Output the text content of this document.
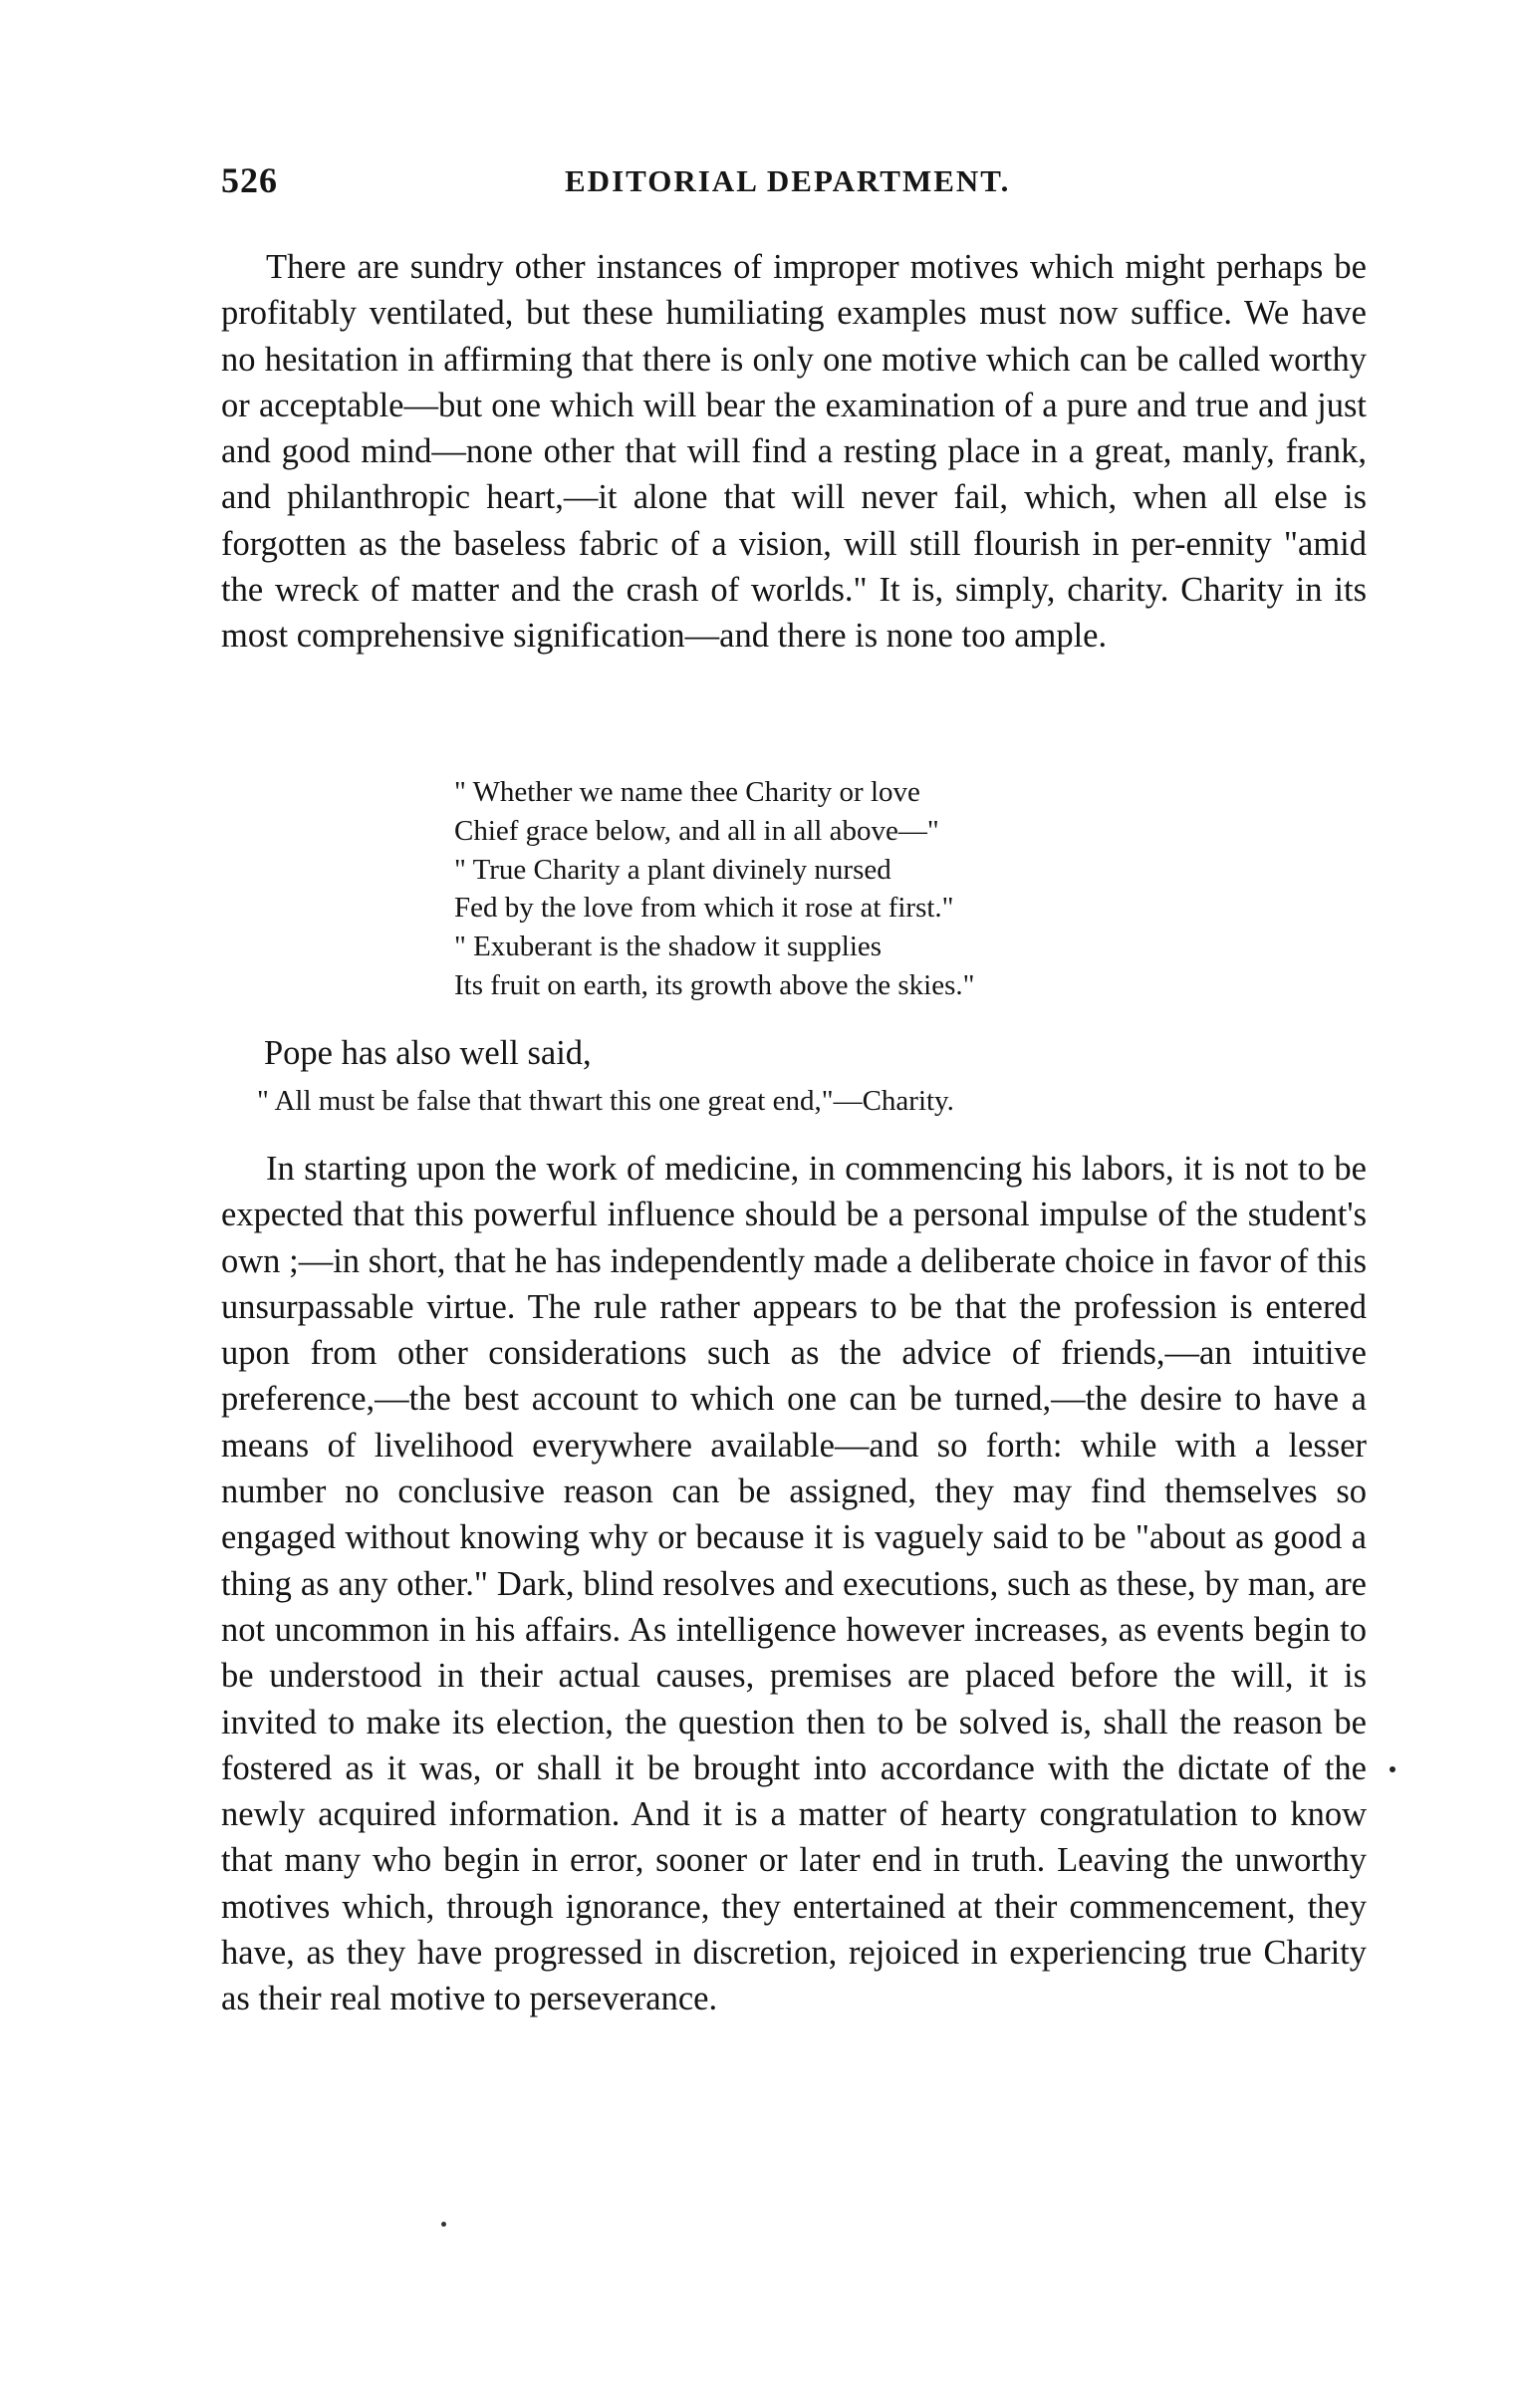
526	EDITORIAL DEPARTMENT.

There are sundry other instances of improper motives which might perhaps be profitably ventilated, but these humiliating examples must now suffice. We have no hesitation in affirming that there is only one motive which can be called worthy or acceptable—but one which will bear the examination of a pure and true and just and good mind—none other that will find a resting place in a great, manly, frank, and philanthropic heart,—it alone that will never fail, which, when all else is forgotten as the baseless fabric of a vision, will still flourish in per-ennity "amid the wreck of matter and the crash of worlds." It is, simply, charity. Charity in its most comprehensive signification—and there is none too ample.

" Whether we name thee Charity or love
Chief grace below, and all in all above—"
" True Charity a plant divinely nursed
Fed by the love from which it rose at first."
" Exuberant is the shadow it supplies
Its fruit on earth, its growth above the skies."
Pope has also well said,
" All must be false that thwart this one great end,"—Charity.

In starting upon the work of medicine, in commencing his labors, it is not to be expected that this powerful influence should be a personal impulse of the student's own ;—in short, that he has independently made a deliberate choice in favor of this unsurpassable virtue. The rule rather appears to be that the profession is entered upon from other considerations such as the advice of friends,—an intuitive preference,—the best account to which one can be turned,—the desire to have a means of livelihood everywhere available—and so forth: while with a lesser number no conclusive reason can be assigned, they may find themselves so engaged without knowing why or because it is vaguely said to be "about as good a thing as any other." Dark, blind resolves and executions, such as these, by man, are not uncommon in his affairs. As intelligence however increases, as events begin to be understood in their actual causes, premises are placed before the will, it is invited to make its election, the question then to be solved is, shall the reason be fostered as it was, or shall it be brought into accordance with the dictate of the newly acquired information. And it is a matter of hearty congratulation to know that many who begin in error, sooner or later end in truth. Leaving the unworthy motives which, through ignorance, they entertained at their commencement, they have, as they have progressed in discretion, rejoiced in experiencing true Charity as their real motive to perseverance.
